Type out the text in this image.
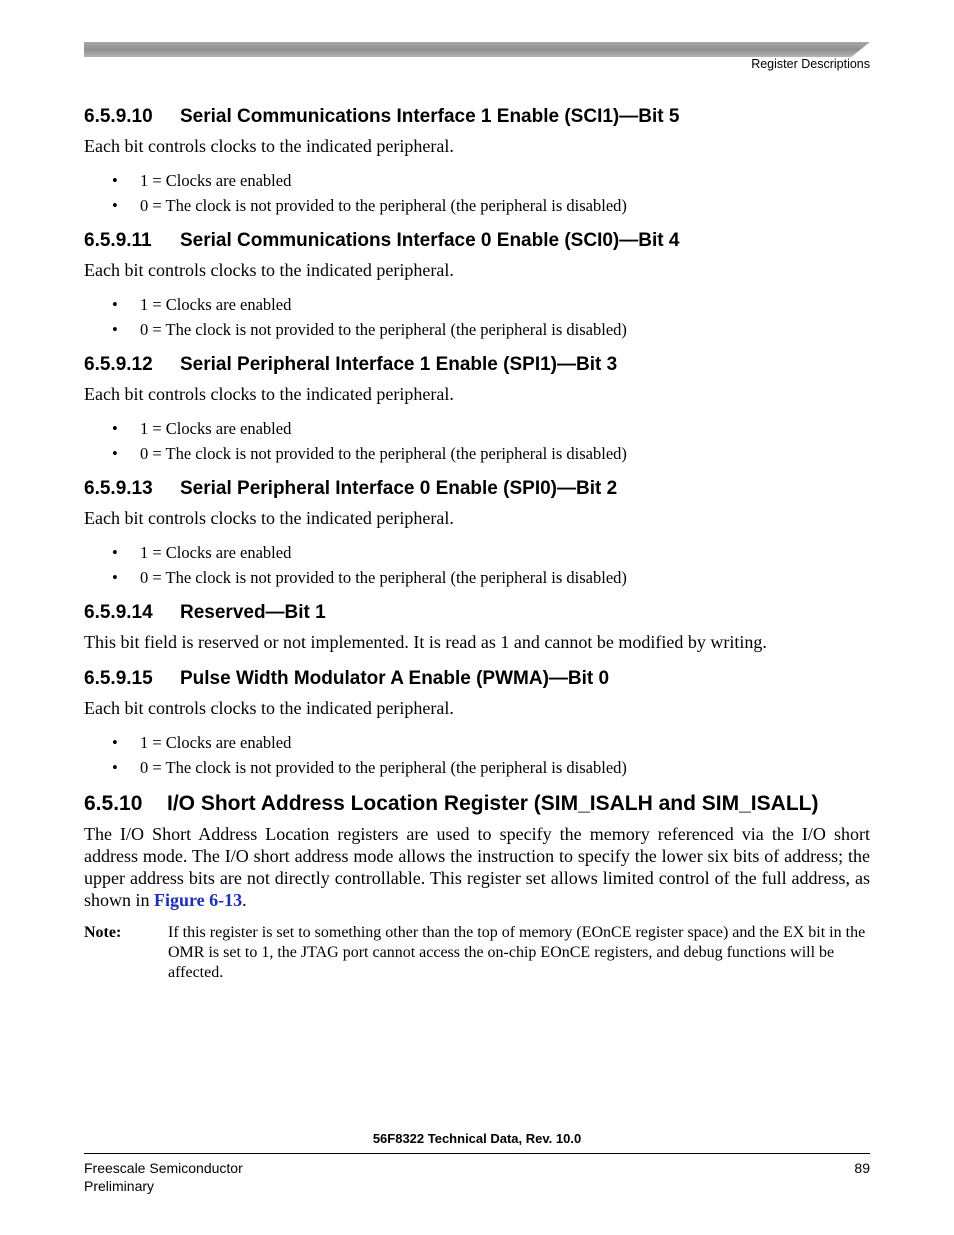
Register Descriptions
6.5.9.10 Serial Communications Interface 1 Enable (SCI1)—Bit 5

Each bit controls clocks to the indicated peripheral.

• 1 = Clocks are enabled
• 0 = The clock is not provided to the peripheral (the peripheral is disabled)
6.5.9.11 Serial Communications Interface 0 Enable (SCI0)—Bit 4

Each bit controls clocks to the indicated peripheral.

• 1 = Clocks are enabled
• 0 = The clock is not provided to the peripheral (the peripheral is disabled)
6.5.9.12 Serial Peripheral Interface 1 Enable (SPI1)—Bit 3

Each bit controls clocks to the indicated peripheral.

• 1 = Clocks are enabled
• 0 = The clock is not provided to the peripheral (the peripheral is disabled)
6.5.9.13 Serial Peripheral Interface 0 Enable (SPI0)—Bit 2

Each bit controls clocks to the indicated peripheral.

• 1 = Clocks are enabled
• 0 = The clock is not provided to the peripheral (the peripheral is disabled)
6.5.9.14 Reserved—Bit 1

This bit field is reserved or not implemented. It is read as 1 and cannot be modified by writing.

6.5.9.15 Pulse Width Modulator A Enable (PWMA)—Bit 0

Each bit controls clocks to the indicated peripheral.

• 1 = Clocks are enabled
• 0 = The clock is not provided to the peripheral (the peripheral is disabled)
6.5.10 I/O Short Address Location Register (SIM_ISALH and SIM_ISALL)

The I/O Short Address Location registers are used to specify the memory referenced via the I/O short address mode. The I/O short address mode allows the instruction to specify the lower six bits of address; the upper address bits are not directly controllable. This register set allows limited control of the full address, as shown in Figure 6-13.

Note:	If this register is set to something other than the top of memory (EOnCE register space) and the EX bit in the OMR is set to 1, the JTAG port cannot access the on-chip EOnCE registers, and debug functions will be affected.
56F8322 Technical Data, Rev. 10.0
Freescale Semiconductor
Preliminary
89
